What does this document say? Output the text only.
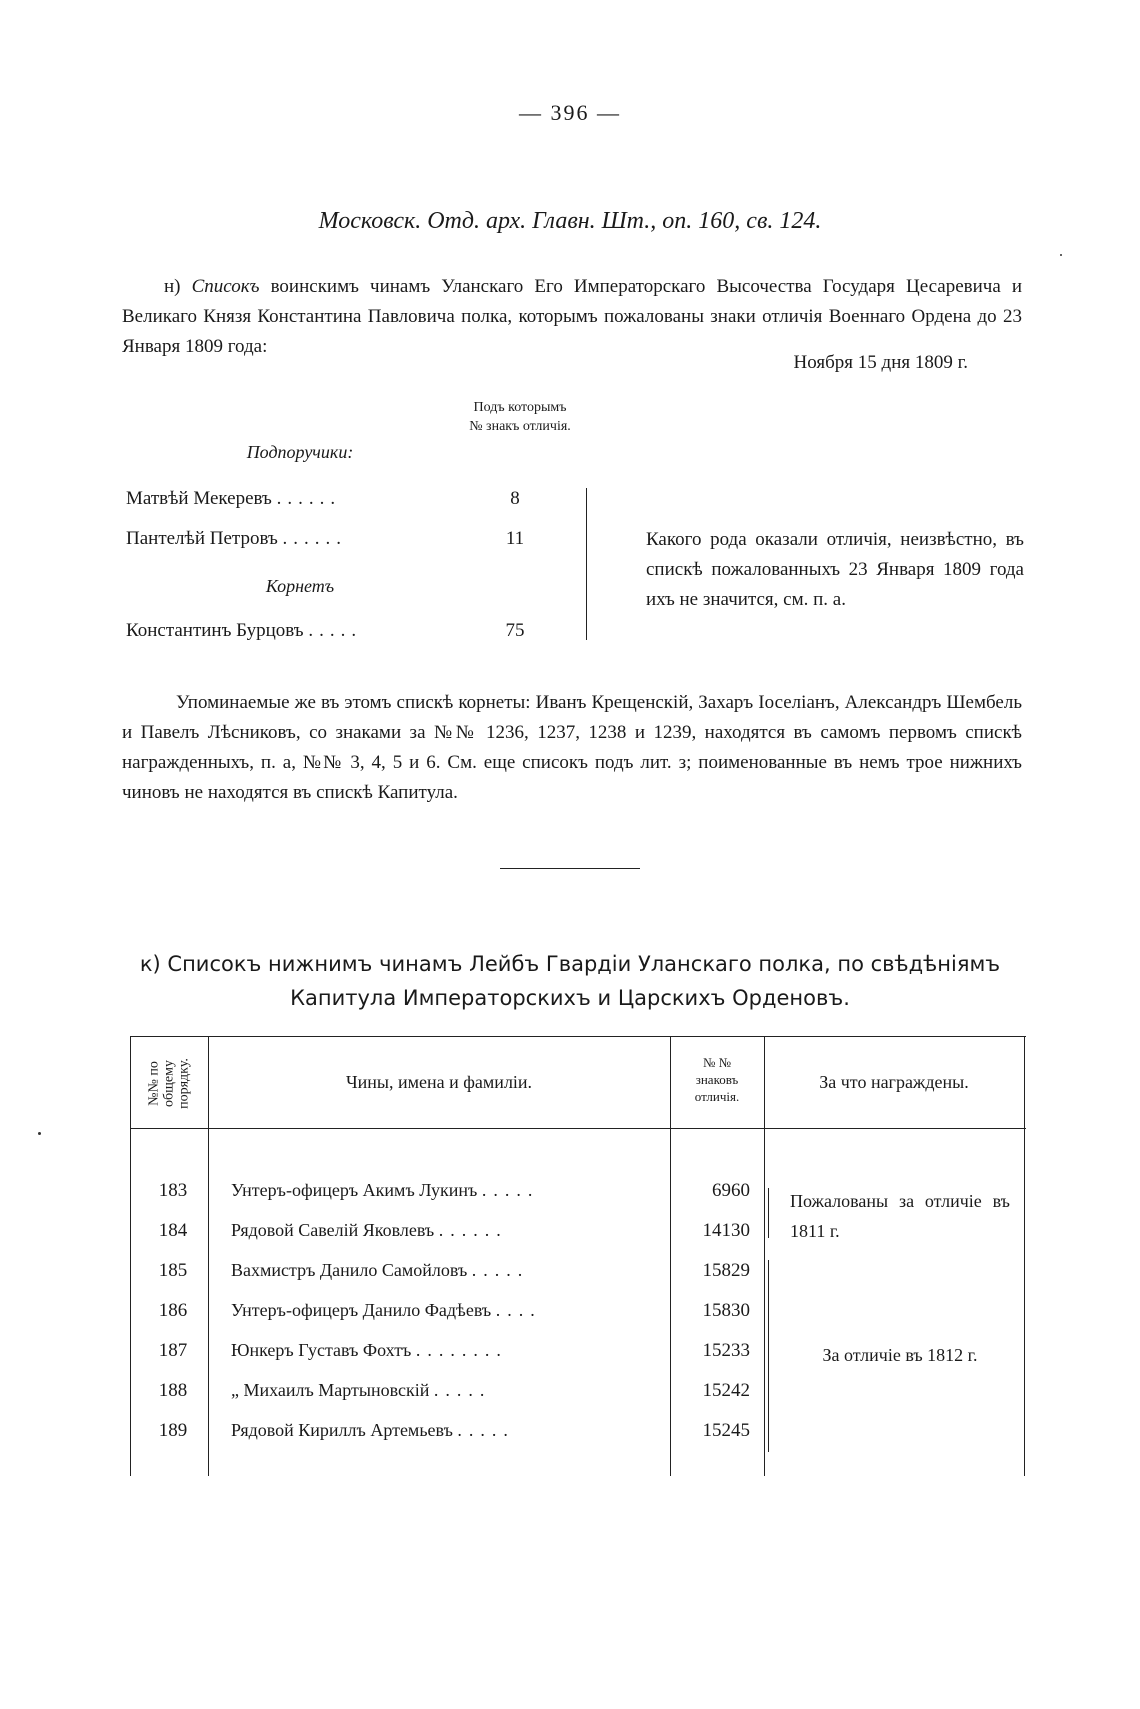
— 396 —
Московск. Отд. арх. Главн. Шт., оп. 160, св. 124.
н) Списокъ воинскимъ чинамъ Уланскаго Его Императорскаго Высочества Государя Цесаревича и Великаго Князя Константина Павловича полка, которымъ пожалованы знаки отличія Военнаго Ордена до 23 Января 1809 года:
Ноября 15 дня 1809 г.
Подъ которымъ
№ знакъ отличія.
Подпоручики:
Матвѣй Мекеревъ ......	8
Пантелѣй Петровъ ......	11
Корнетъ
Константинъ Бурцовъ .....	75
Какого рода оказали отличія, неизвѣстно, въ спискѣ пожалованныхъ 23 Января 1809 года ихъ не значится, см. п. а.
Упоминаемые же въ этомъ спискѣ корнеты: Иванъ Крещенскій, Захаръ Іоселіанъ, Александръ Шембель и Павелъ Лѣсниковъ, со знаками за №№ 1236, 1237, 1238 и 1239, находятся въ самомъ первомъ спискѣ награжденныхъ, п. а, №№ 3, 4, 5 и 6. См. еще списокъ подъ лит. з; поименованные въ немъ трое нижнихъ чиновъ не находятся въ спискѣ Капитула.
к) Списокъ нижнимъ чинамъ Лейбъ Гвардіи Уланскаго полка, по свѣдѣніямъ
Капитула Императорскихъ и Царскихъ Орденовъ.
№№ по общему порядку.	Чины, имена и фамиліи.
№ №
знаковъ
отличія.
За что награждены.
183	Унтеръ-офицеръ Акимъ Лукинъ .....	6960
184	Рядовой Савелій Яковлевъ ......	14130
185	Вахмистръ Данило Самойловъ .....	15829
186	Унтеръ-офицеръ Данило Фадѣевъ ....	15830
187	Юнкеръ Густавъ Фохтъ ........	15233
188	„ Михаилъ Мартыновскій .....	15242
189	Рядовой Кириллъ Артемьевъ .....	15245
Пожалованы за отличіе въ 1811 г.
За отличіе въ 1812 г.
